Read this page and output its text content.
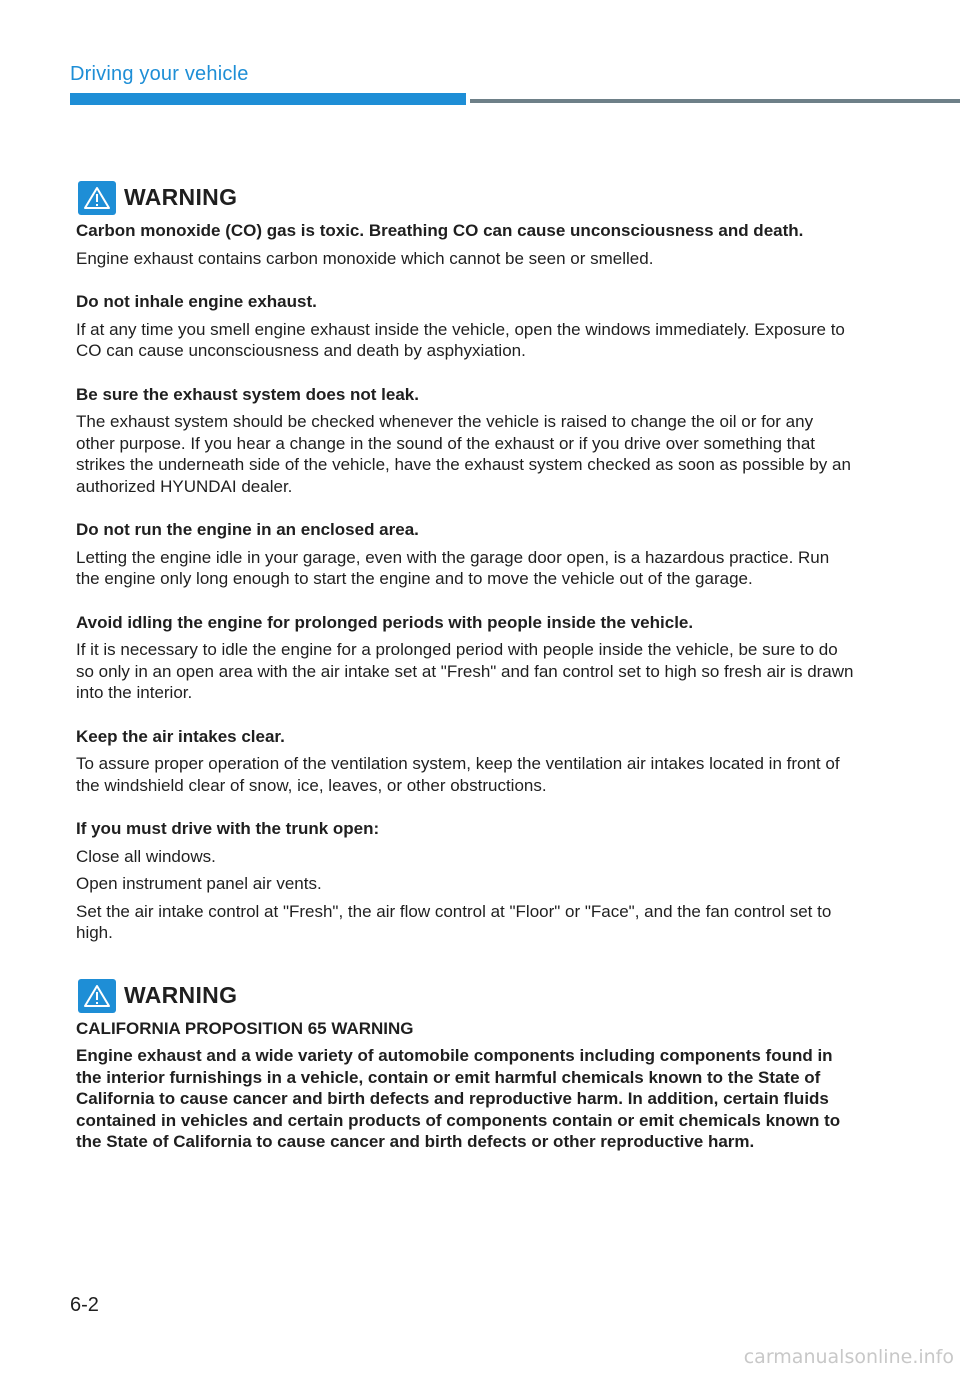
Driving your vehicle
WARNING

Carbon monoxide (CO) gas is toxic. Breathing CO can cause unconsciousness and death.

Engine exhaust contains carbon monoxide which cannot be seen or smelled.

Do not inhale engine exhaust.

If at any time you smell engine exhaust inside the vehicle, open the windows immediately. Exposure to CO can cause unconsciousness and death by asphyxiation.

Be sure the exhaust system does not leak.

The exhaust system should be checked whenever the vehicle is raised to change the oil or for any other purpose. If you hear a change in the sound of the exhaust or if you drive over something that strikes the underneath side of the vehicle, have the exhaust system checked as soon as possible by an authorized HYUNDAI dealer.

Do not run the engine in an enclosed area.

Letting the engine idle in your garage, even with the garage door open, is a hazardous practice. Run the engine only long enough to start the engine and to move the vehicle out of the garage.

Avoid idling the engine for prolonged periods with people inside the vehicle.

If it is necessary to idle the engine for a prolonged period with people inside the vehicle, be sure to do so only in an open area with the air intake set at "Fresh" and fan control set to high so fresh air is drawn into the interior.

Keep the air intakes clear.

To assure proper operation of the ventilation system, keep the ventilation air intakes located in front of the windshield clear of snow, ice, leaves, or other obstructions.

If you must drive with the trunk open:

Close all windows.

Open instrument panel air vents.

Set the air intake control at "Fresh", the air flow control at "Floor" or "Face", and the fan control set to high.

WARNING

CALIFORNIA PROPOSITION 65 WARNING

Engine exhaust and a wide variety of automobile components including components found in the interior furnishings in a vehicle, contain or emit harmful chemicals known to the State of California to cause cancer and birth defects and reproductive harm. In addition, certain fluids contained in vehicles and certain products of components contain or emit chemicals known to the State of California to cause cancer and birth defects or other reproductive harm.

6-2
carmanualsonline.info
